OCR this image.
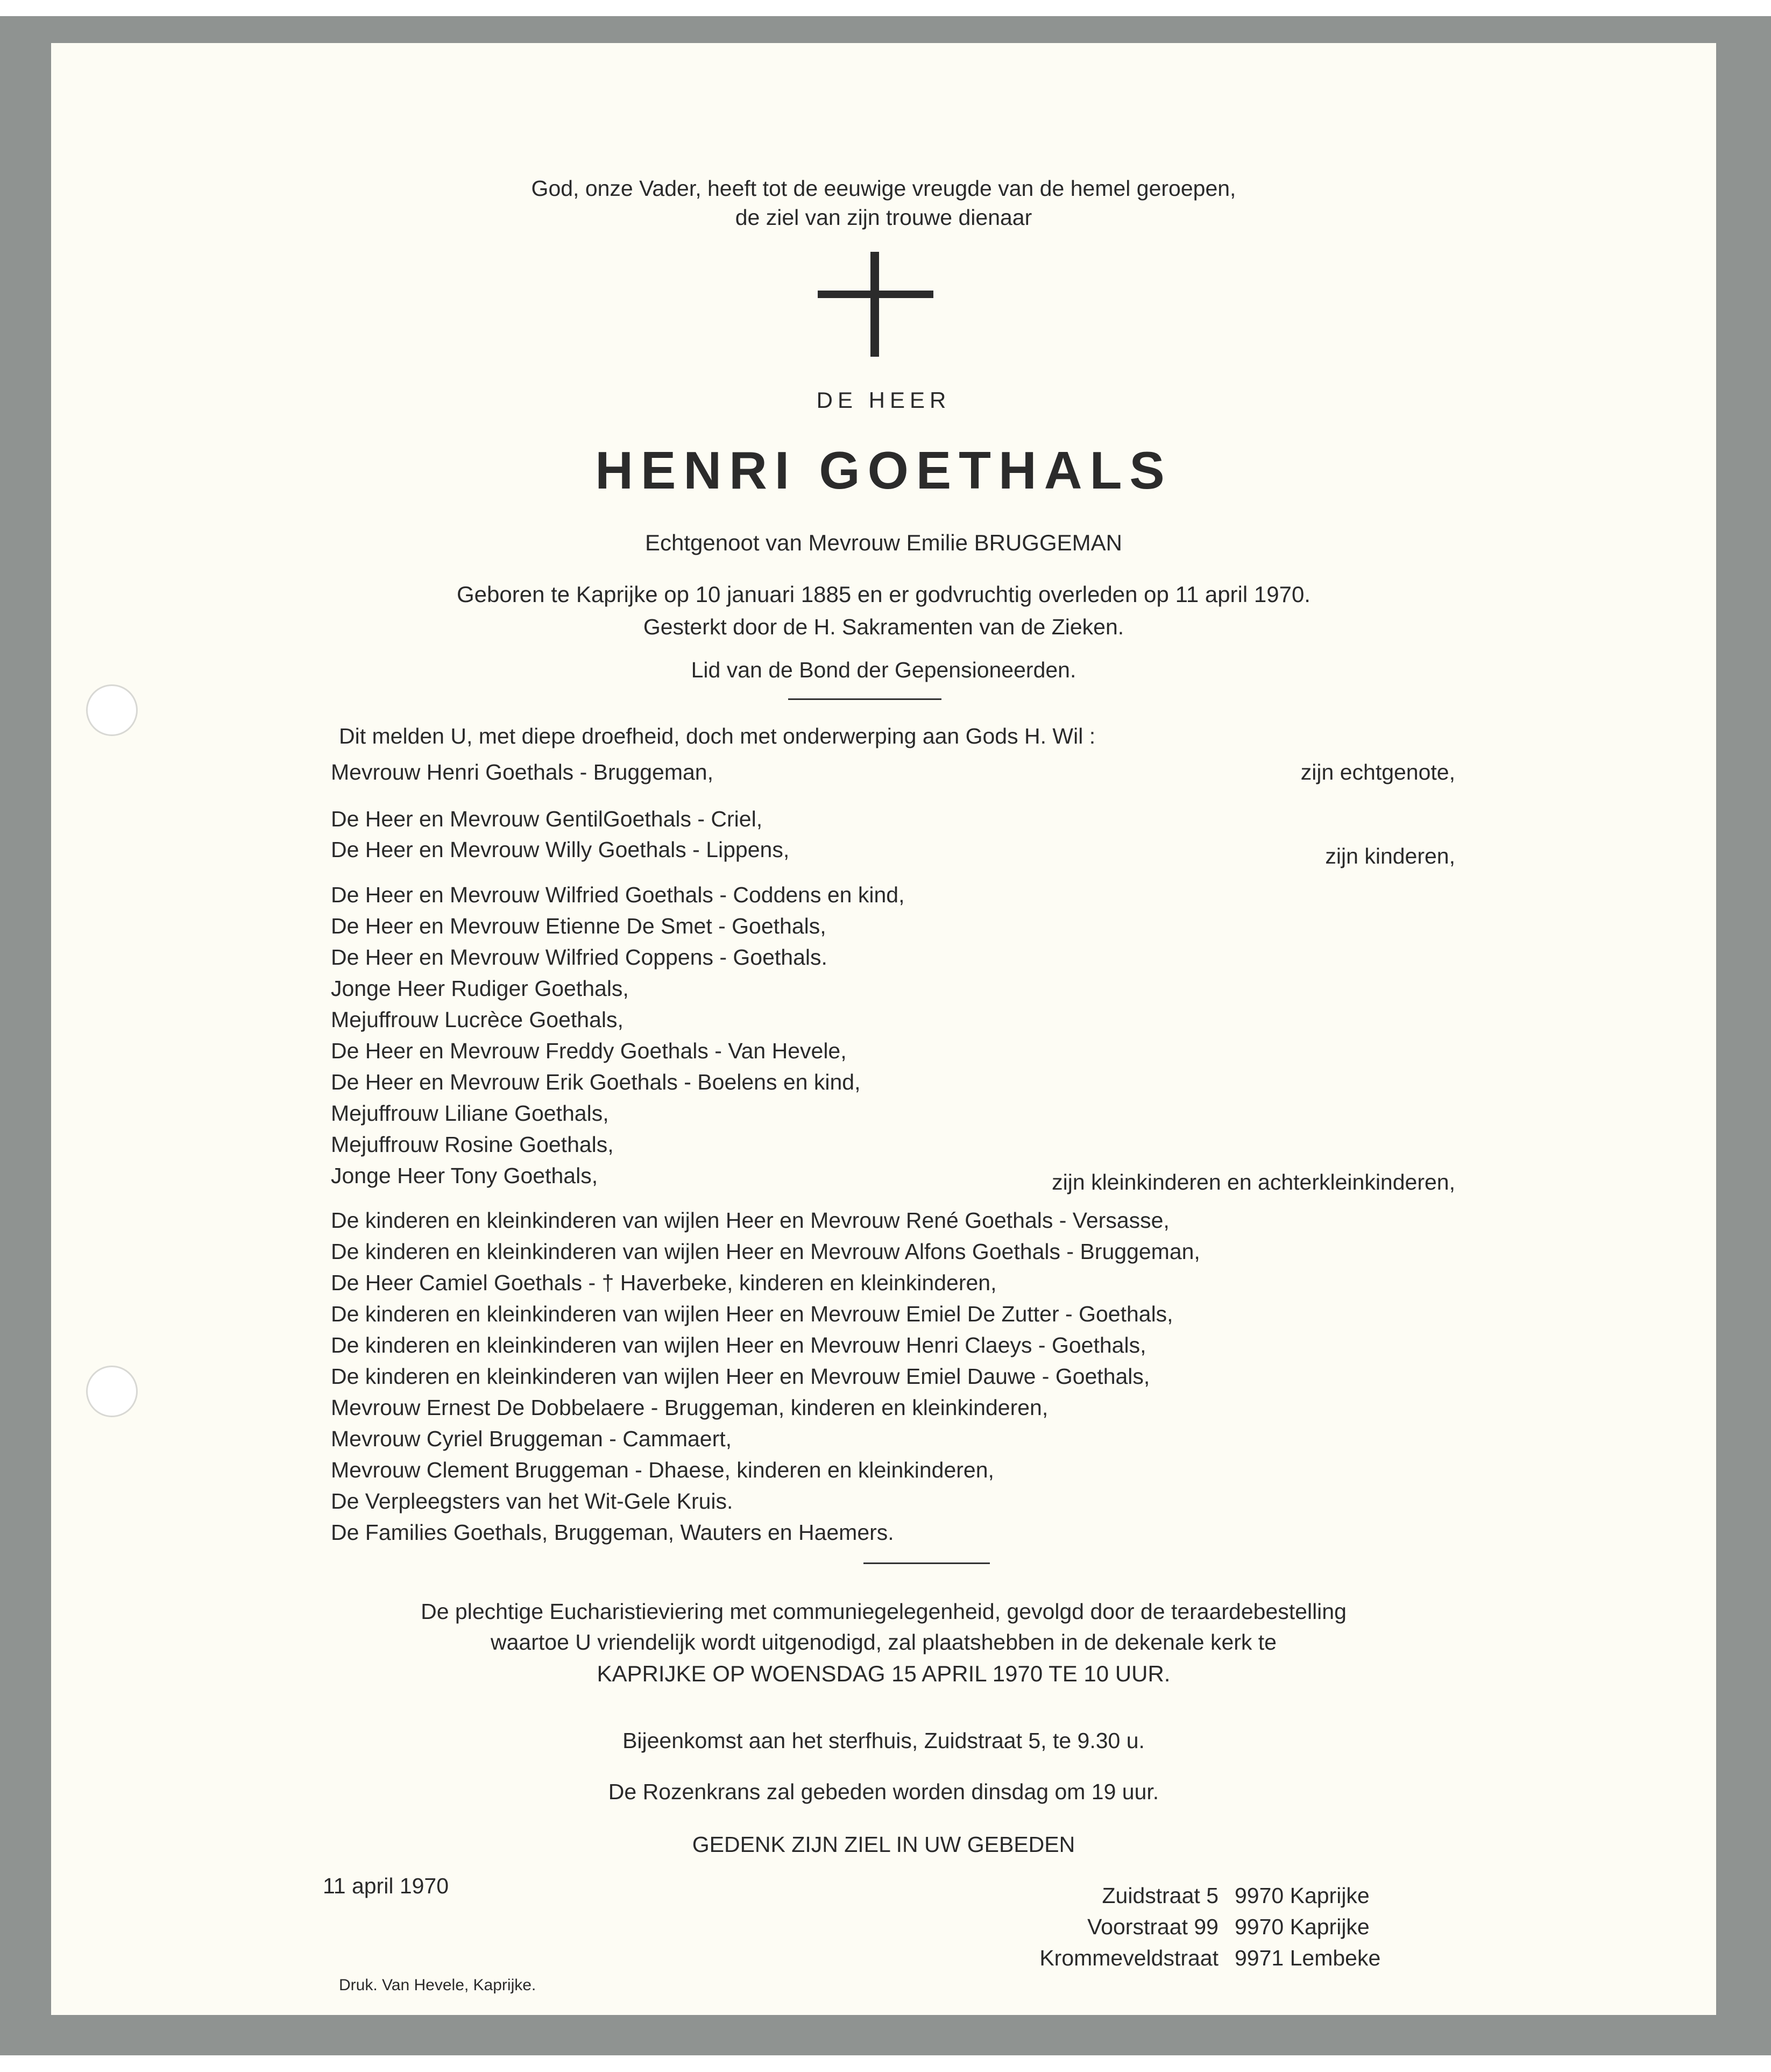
God, onze Vader, heeft tot de eeuwige vreugde van de hemel geroepen,

de ziel van zijn trouwe dienaar

DE HEER

HENRI GOETHALS

Echtgenoot van Mevrouw Emilie BRUGGEMAN

Geboren te Kaprijke op 10 januari 1885 en er godvruchtig overleden op 11 april 1970.

Gesterkt door de H. Sakramenten van de Zieken.

Lid van de Bond der Gepensioneerden.

Dit melden U, met diepe droefheid, doch met onderwerping aan Gods H. Wil :

Mevrouw Henri Goethals - Bruggeman,	zijn echtgenote,
De Heer en Mevrouw GentilGoethals - Criel,
De Heer en Mevrouw Willy Goethals - Lippens,	zijn kinderen,
De Heer en Mevrouw Wilfried Goethals - Coddens en kind,
De Heer en Mevrouw Etienne De Smet - Goethals,
De Heer en Mevrouw Wilfried Coppens - Goethals.
Jonge Heer Rudiger Goethals,
Mejuffrouw Lucrèce Goethals,
De Heer en Mevrouw Freddy Goethals - Van Hevele,
De Heer en Mevrouw Erik Goethals - Boelens en kind,
Mejuffrouw Liliane Goethals,
Mejuffrouw Rosine Goethals,
Jonge Heer Tony Goethals,	zijn kleinkinderen en achterkleinkinderen,
De kinderen en kleinkinderen van wijlen Heer en Mevrouw René Goethals - Versasse,
De kinderen en kleinkinderen van wijlen Heer en Mevrouw Alfons Goethals - Bruggeman,
De Heer Camiel Goethals - † Haverbeke, kinderen en kleinkinderen,
De kinderen en kleinkinderen van wijlen Heer en Mevrouw Emiel De Zutter - Goethals,
De kinderen en kleinkinderen van wijlen Heer en Mevrouw Henri Claeys - Goethals,
De kinderen en kleinkinderen van wijlen Heer en Mevrouw Emiel Dauwe - Goethals,
Mevrouw Ernest De Dobbelaere - Bruggeman, kinderen en kleinkinderen,
Mevrouw Cyriel Bruggeman - Cammaert,
Mevrouw Clement Bruggeman - Dhaese, kinderen en kleinkinderen,
De Verpleegsters van het Wit-Gele Kruis.
De Families Goethals, Bruggeman, Wauters en Haemers.

De plechtige Eucharistieviering met communiegelegenheid, gevolgd door de teraardebestelling

waartoe U vriendelijk wordt uitgenodigd, zal plaatshebben in de dekenale kerk te

KAPRIJKE OP WOENSDAG 15 APRIL 1970 TE 10 UUR.

Bijeenkomst aan het sterfhuis, Zuidstraat 5, te 9.30 u.

De Rozenkrans zal gebeden worden dinsdag om 19 uur.

GEDENK ZIJN ZIEL IN UW GEBEDEN

11 april 1970	Zuidstraat 5 9970 Kaprijke
Voorstraat 99 9970 Kaprijke
Krommeveldstraat 9971 Lembeke

Druk. Van Hevele, Kaprijke.
